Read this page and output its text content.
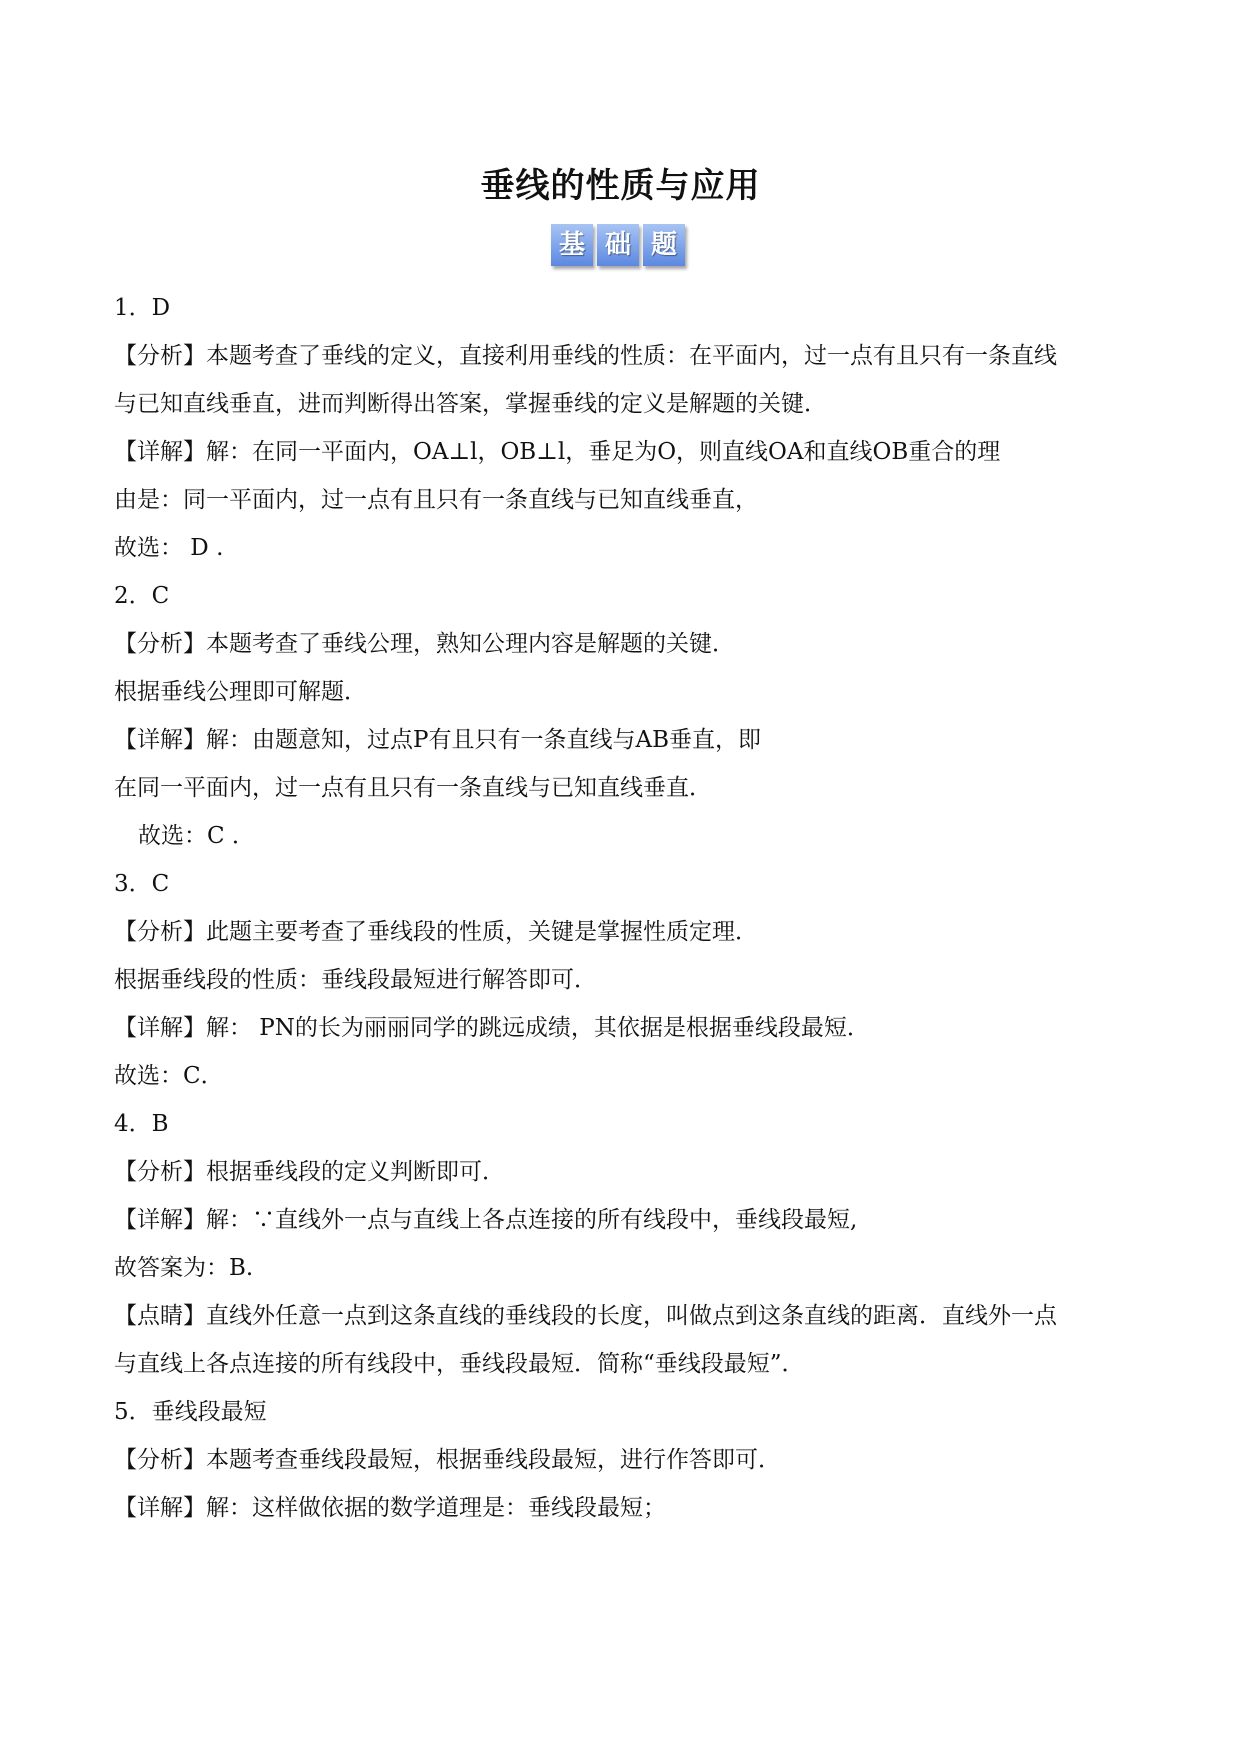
垂线的性质与应用
基 础 题
1．D
【分析】本题考查了垂线的定义，直接利用垂线的性质：在平面内，过一点有且只有一条直线
与已知直线垂直，进而判断得出答案，掌握垂线的定义是解题的关键．
【详解】解：在同一平面内，OA⊥l，OB⊥l，垂足为O，则直线OA和直线OB重合的理
由是：同一平面内，过一点有且只有一条直线与已知直线垂直，
故选： D .
2．C
【分析】本题考查了垂线公理，熟知公理内容是解题的关键．
根据垂线公理即可解题．
【详解】解：由题意知，过点P有且只有一条直线与AB垂直，即
在同一平面内，过一点有且只有一条直线与已知直线垂直．
故选：C ．
3．C
【分析】此题主要考查了垂线段的性质，关键是掌握性质定理．
根据垂线段的性质：垂线段最短进行解答即可．
【详解】解： PN的长为丽丽同学的跳远成绩，其依据是根据垂线段最短．
故选：C．
4．B
【分析】根据垂线段的定义判断即可．
【详解】解：∵直线外一点与直线上各点连接的所有线段中，垂线段最短,
故答案为：B.
【点睛】直线外任意一点到这条直线的垂线段的长度，叫做点到这条直线的距离．直线外一点
与直线上各点连接的所有线段中，垂线段最短．简称“垂线段最短”．
5．垂线段最短
【分析】本题考查垂线段最短，根据垂线段最短，进行作答即可．
【详解】解：这样做依据的数学道理是：垂线段最短；
